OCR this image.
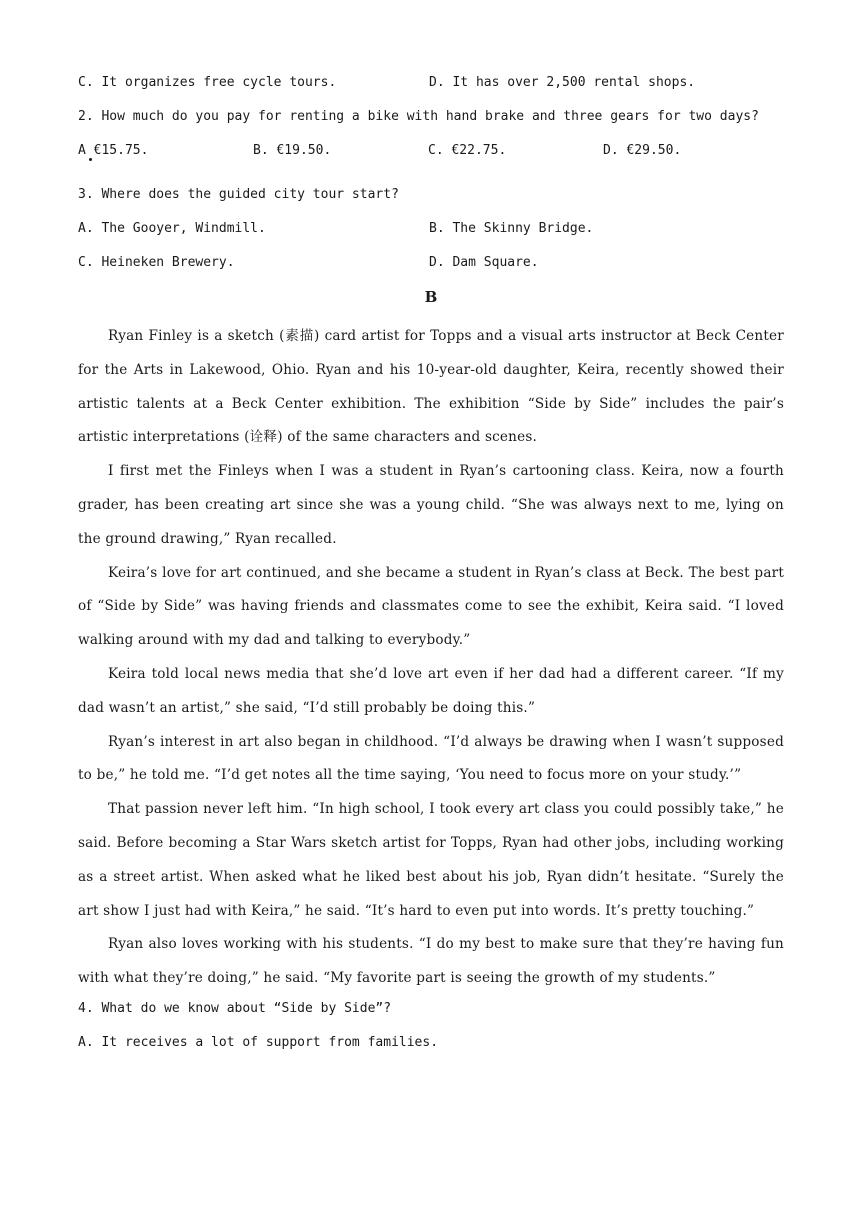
C. It organizes free cycle tours.	D. It has over 2,500 rental shops.
2. How much do you pay for renting a bike with hand brake and three gears for two days?
A €15.75.	B. €19.50.	C. €22.75.	D. €29.50.
3. Where does the guided city tour start?
A. The Gooyer, Windmill.	B. The Skinny Bridge.
C. Heineken Brewery.	D. Dam Square.
B

Ryan Finley is a sketch (素描) card artist for Topps and a visual arts instructor at Beck Center for the Arts in Lakewood, Ohio. Ryan and his 10-year-old daughter, Keira, recently showed their artistic talents at a Beck Center exhibition. The exhibition “Side by Side” includes the pair’s artistic interpretations (诠释) of the same characters and scenes.

I first met the Finleys when I was a student in Ryan’s cartooning class. Keira, now a fourth grader, has been creating art since she was a young child. “She was always next to me, lying on the ground drawing,” Ryan recalled.

Keira’s love for art continued, and she became a student in Ryan’s class at Beck. The best part of “Side by Side” was having friends and classmates come to see the exhibit, Keira said. “I loved walking around with my dad and talking to everybody.”

Keira told local news media that she’d love art even if her dad had a different career. “If my dad wasn’t an artist,” she said, “I’d still probably be doing this.”

Ryan’s interest in art also began in childhood. “I’d always be drawing when I wasn’t supposed to be,” he told me. “I’d get notes all the time saying, ‘You need to focus more on your study.’”

That passion never left him. “In high school, I took every art class you could possibly take,” he said. Before becoming a Star Wars sketch artist for Topps, Ryan had other jobs, including working as a street artist. When asked what he liked best about his job, Ryan didn’t hesitate. “Surely the art show I just had with Keira,” he said. “It’s hard to even put into words. It’s pretty touching.”

Ryan also loves working with his students. “I do my best to make sure that they’re having fun with what they’re doing,” he said. “My favorite part is seeing the growth of my students.”

4. What do we know about “Side by Side”?
A. It receives a lot of support from families.
